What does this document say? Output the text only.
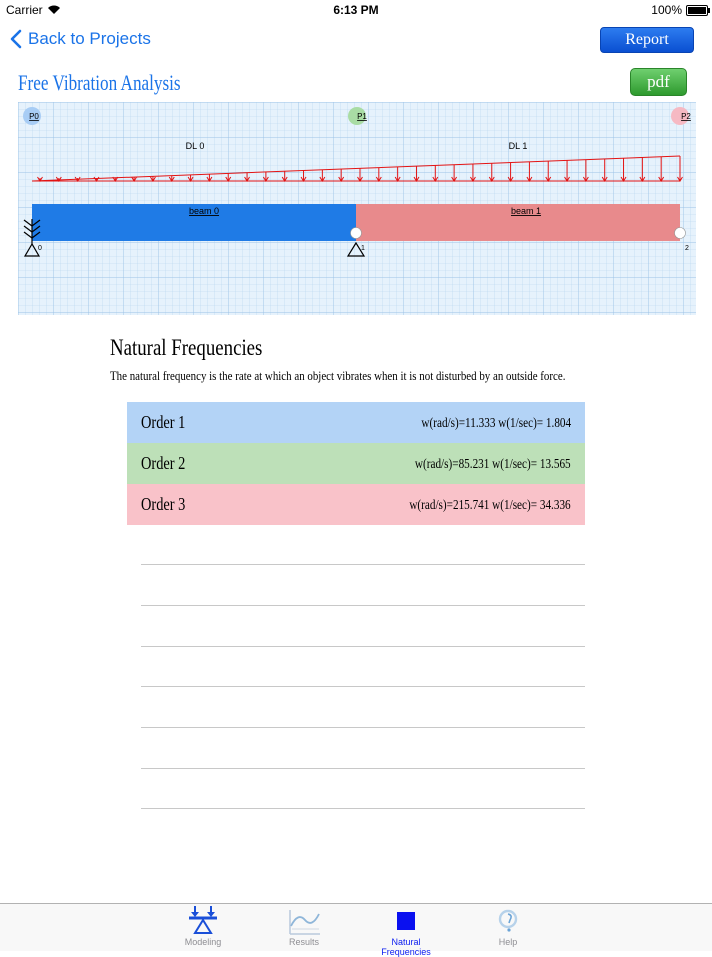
Carrier	6:13 PM	100%
Back to Projects	Report
Free Vibration Analysis	pdf
P0	P1	P2
DL 0	DL 1
beam 0	beam 1
0	1	2
Natural Frequencies
The natural frequency is the rate at which an object vibrates when it is not disturbed by an outside force.
Order 1	w(rad/s)=11.333 w(1/sec)= 1.804
Order 2	w(rad/s)=85.231 w(1/sec)= 13.565
Order 3	w(rad/s)=215.741 w(1/sec)= 34.336
Modeling	Results	Natural Frequencies
Help
